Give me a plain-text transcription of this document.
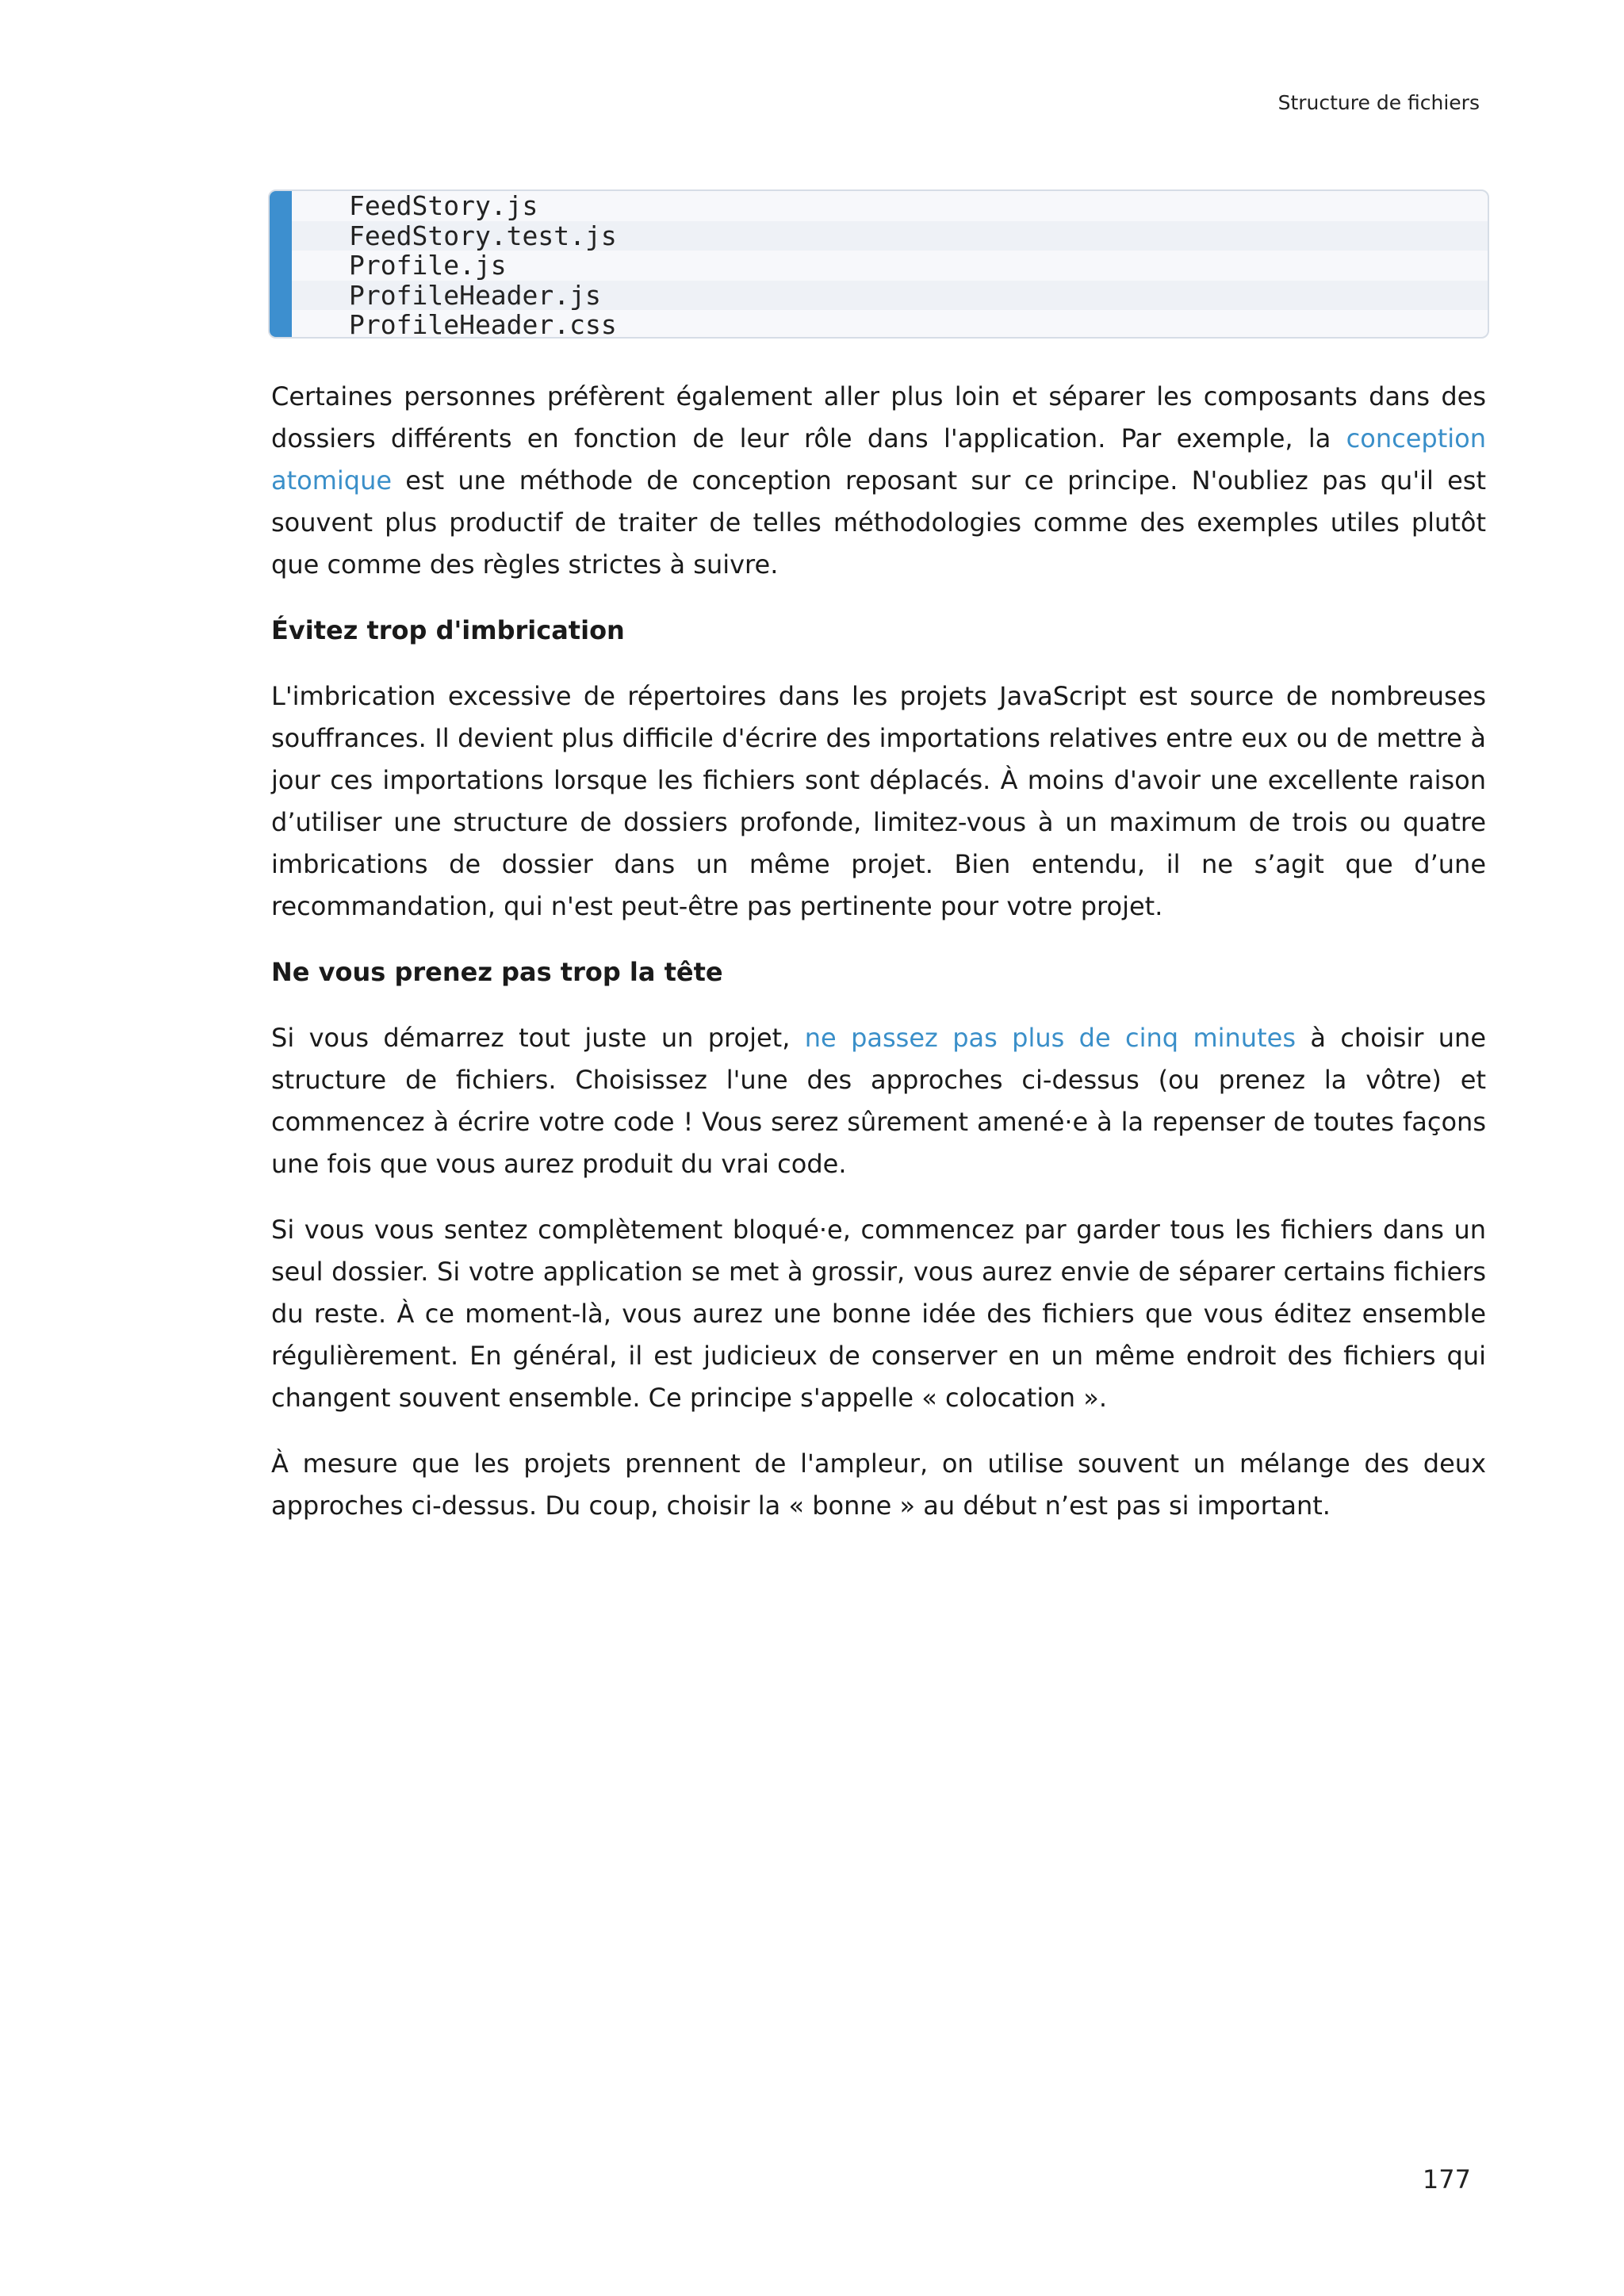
Structure de fichiers
FeedStory.js
FeedStory.test.js
Profile.js
ProfileHeader.js
ProfileHeader.css

Certaines personnes préfèrent également aller plus loin et séparer les composants dans des dossiers différents en fonction de leur rôle dans l'application. Par exemple, la conception atomique est une méthode de conception reposant sur ce principe. N'oubliez pas qu'il est souvent plus productif de traiter de telles méthodologies comme des exemples utiles plutôt que comme des règles strictes à suivre.

Évitez trop d'imbrication

L'imbrication excessive de répertoires dans les projets JavaScript est source de nombreuses souffrances. Il devient plus difficile d'écrire des importations relatives entre eux ou de mettre à jour ces importations lorsque les fichiers sont déplacés. À moins d'avoir une excellente raison d’utiliser une structure de dossiers profonde, limitez-vous à un maximum de trois ou quatre imbrications de dossier dans un même projet. Bien entendu, il ne s’agit que d’une recommandation, qui n'est peut-être pas pertinente pour votre projet.

Ne vous prenez pas trop la tête

Si vous démarrez tout juste un projet, ne passez pas plus de cinq minutes à choisir une structure de fichiers. Choisissez l'une des approches ci-dessus (ou prenez la vôtre) et commencez à écrire votre code ! Vous serez sûrement amené·e à la repenser de toutes façons une fois que vous aurez produit du vrai code.

Si vous vous sentez complètement bloqué·e, commencez par garder tous les fichiers dans un seul dossier. Si votre application se met à grossir, vous aurez envie de séparer certains fichiers du reste. À ce moment-là, vous aurez une bonne idée des fichiers que vous éditez ensemble régulièrement. En général, il est judicieux de conserver en un même endroit des fichiers qui changent souvent ensemble. Ce principe s'appelle « colocation ».

À mesure que les projets prennent de l'ampleur, on utilise souvent un mélange des deux approches ci-dessus. Du coup, choisir la « bonne » au début n’est pas si important.

177
